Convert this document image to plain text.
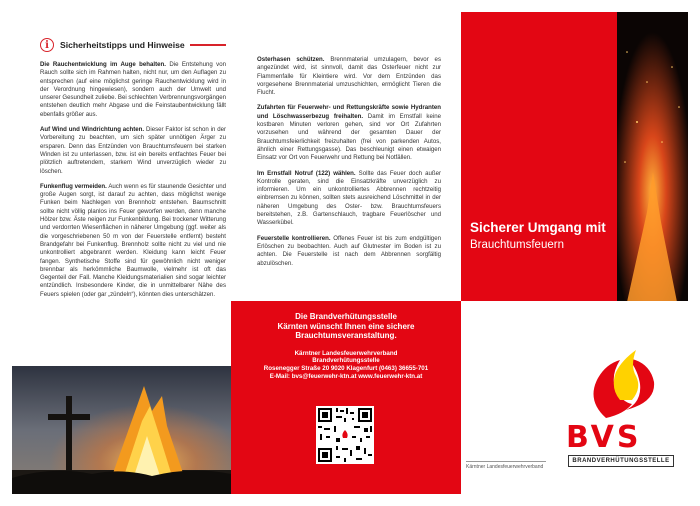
i	Sicherheitstipps und Hinweise

Die Rauchentwicklung im Auge behalten. Die Entstehung von Rauch sollte sich im Rahmen halten, nicht nur, um den Auflagen zu entsprechen (auf eine möglichst geringe Rauchentwicklung wird in der Verordnung hingewiesen), sondern auch der Umwelt und unserer Gesundheit zuliebe. Bei schlechten Verbrennungsvorgängen entstehen deutlich mehr Abgase und die Feinstaubentwicklung fällt ebenfalls größer aus.

Auf Wind und Windrichtung achten. Dieser Faktor ist schon in der Vorbereitung zu beachten, um sich später unnötigen Ärger zu ersparen. Denn das Entzünden von Brauchtumsfeuern bei starken Winden ist zu unterlassen, bzw. ist ein bereits entfachtes Feuer bei plötzlich auftretendem, starkem Wind unverzüglich wieder zu löschen.

Funkenflug vermeiden. Auch wenn es für staunende Gesichter und große Augen sorgt, ist darauf zu achten, dass möglichst wenige Funken beim Nachlegen von Brennholz entstehen. Baumschnitt sollte nicht völlig planlos ins Feuer geworfen werden, denn manche Hölzer bzw. Äste neigen zur Funkenbildung. Bei trockener Witterung und verdorrten Wiesenflächen in näherer Umgebung (ggf. weiter als die vorgeschriebenen 50 m von der Feuerstelle entfernt) besteht Brandgefahr bei Funkenflug. Brennholz sollte nicht zu viel und nie unkontrolliert abgebrannt werden. Kleidung kann leicht Feuer fangen. Synthetische Stoffe sind für gewöhnlich nicht weniger brennbar als herkömmliche Baumwolle, vielmehr ist oft das Gegenteil der Fall. Manche Kleidungsmaterialien sind sogar leichter entzündlich. Insbesondere Kinder, die in unmittelbarer Nähe des Feuers spielen (oder gar „zündeln“), könnten dies unterschätzen.

Osterhasen schützen. Brennmaterial umzulagern, bevor es angezündet wird, ist sinnvoll, damit das Osterfeuer nicht zur Flammenfalle für Kleintiere wird. Vor dem Entzünden das vorgesehene Brennmaterial umzuschichten, ermöglicht Tieren die Flucht.

Zufahrten für Feuerwehr- und Rettungskräfte sowie Hydranten und Löschwasserbezug freihalten. Damit im Ernstfall keine kostbaren Minuten verloren gehen, sind vor Ort Zufahrten vorzusehen und während der gesamten Dauer der Brauchtumsfeierlichkeit freizuhalten (frei von parkenden Autos, ähnlich einer Rettungsgasse). Das beschleunigt einen etwaigen Einsatz vor Ort von Feuerwehr und Rettung bei Notfällen.

Im Ernstfall Notruf (122) wählen. Sollte das Feuer doch außer Kontrolle geraten, sind die Einsatzkräfte unverzüglich zu informieren. Um ein unkontrolliertes Abbrennen rechtzeitig einbremsen zu können, sollten stets ausreichend Löschmittel in der näheren Umgebung des Oster- bzw. Brauchtumsfeuers bereitstehen, z.B. Gartenschlauch, tragbare Feuerlöscher und Wasserkübel.

Feuerstelle kontrollieren. Offenes Feuer ist bis zum endgültigen Erlöschen zu beobachten. Auch auf Glutnester im Boden ist zu achten. Die Feuerstelle ist nach dem Abbrennen sorgfältig abzulöschen.

Die Brandverhütungsstelle
Kärnten wünscht Ihnen eine sichere
Brauchtumsveranstaltung.
Kärntner Landesfeuerwehrverband
Brandverhütungsstelle
Rosenegger Straße 20 9020 Klagenfurt (0463) 36655-701
E-Mail: bvs@feuerwehr-ktn.at www.feuerwehr-ktn.at
Sicherer Umgang mit
Brauchtumsfeuern
BVS
BRANDVERHÜTUNGSSTELLE
Kärntner Landesfeuerwehrverband
